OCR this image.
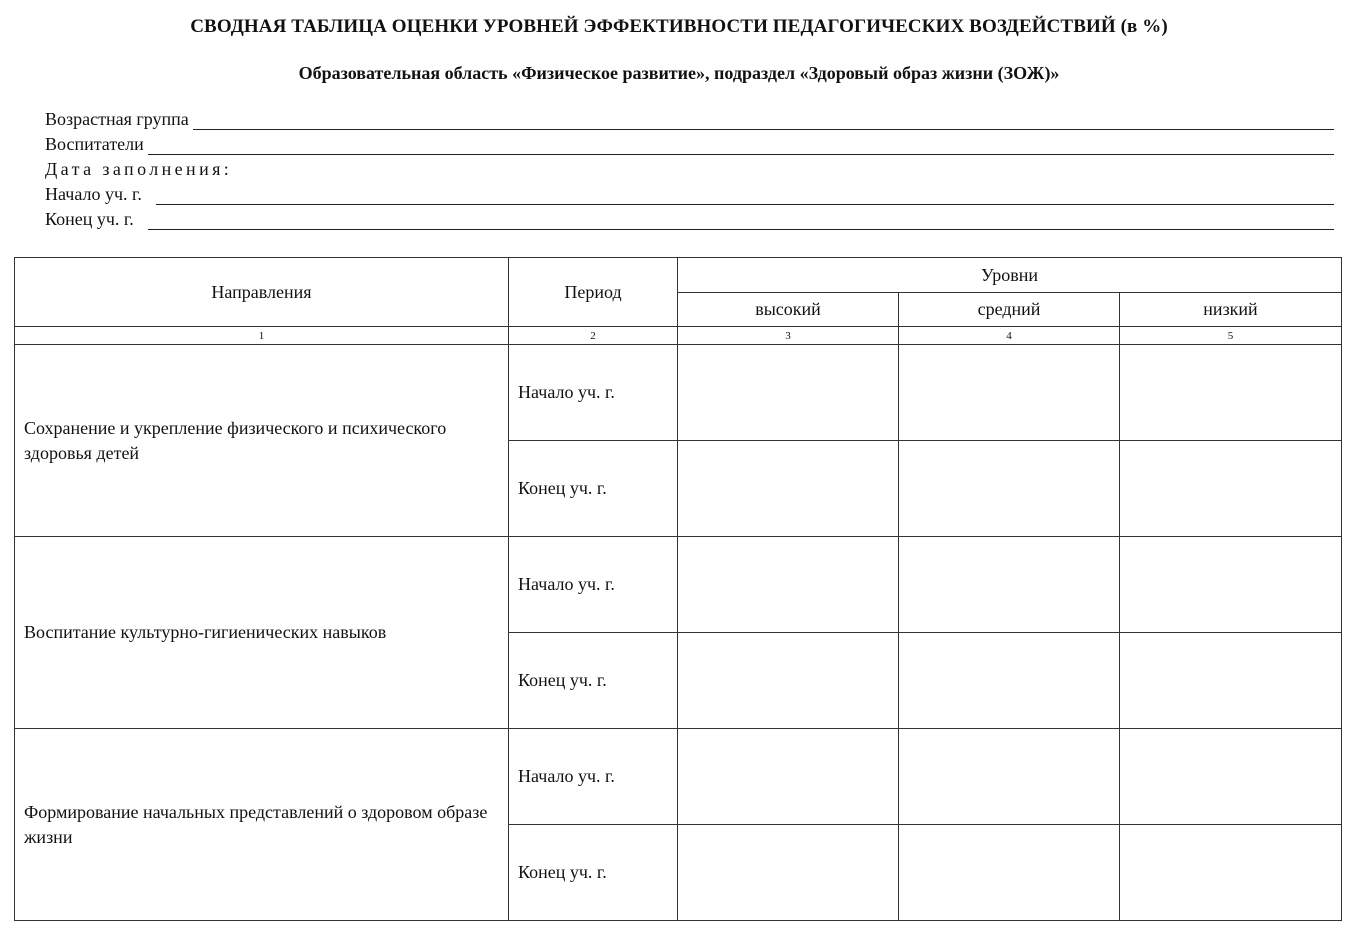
СВОДНАЯ ТАБЛИЦА ОЦЕНКИ УРОВНЕЙ ЭФФЕКТИВНОСТИ ПЕДАГОГИЧЕСКИХ ВОЗДЕЙСТВИЙ (в %)
Образовательная область «Физическое развитие», подраздел «Здоровый образ жизни (ЗОЖ)»
Возрастная группа
Воспитатели
Дата заполнения:
Начало уч. г.
Конец уч. г.
Направления	Период	Уровни		
		высокий	средний	низкий
1	2	3	4	5
Сохранение и укрепление физического и психического здоровья детей	Начало уч. г.			
	Конец уч. г.			
Воспитание культурно-гигиенических навыков	Начало уч. г.			
	Конец уч. г.			
Формирование начальных представлений о здоровом образе жизни	Начало уч. г.			
	Конец уч. г.			
